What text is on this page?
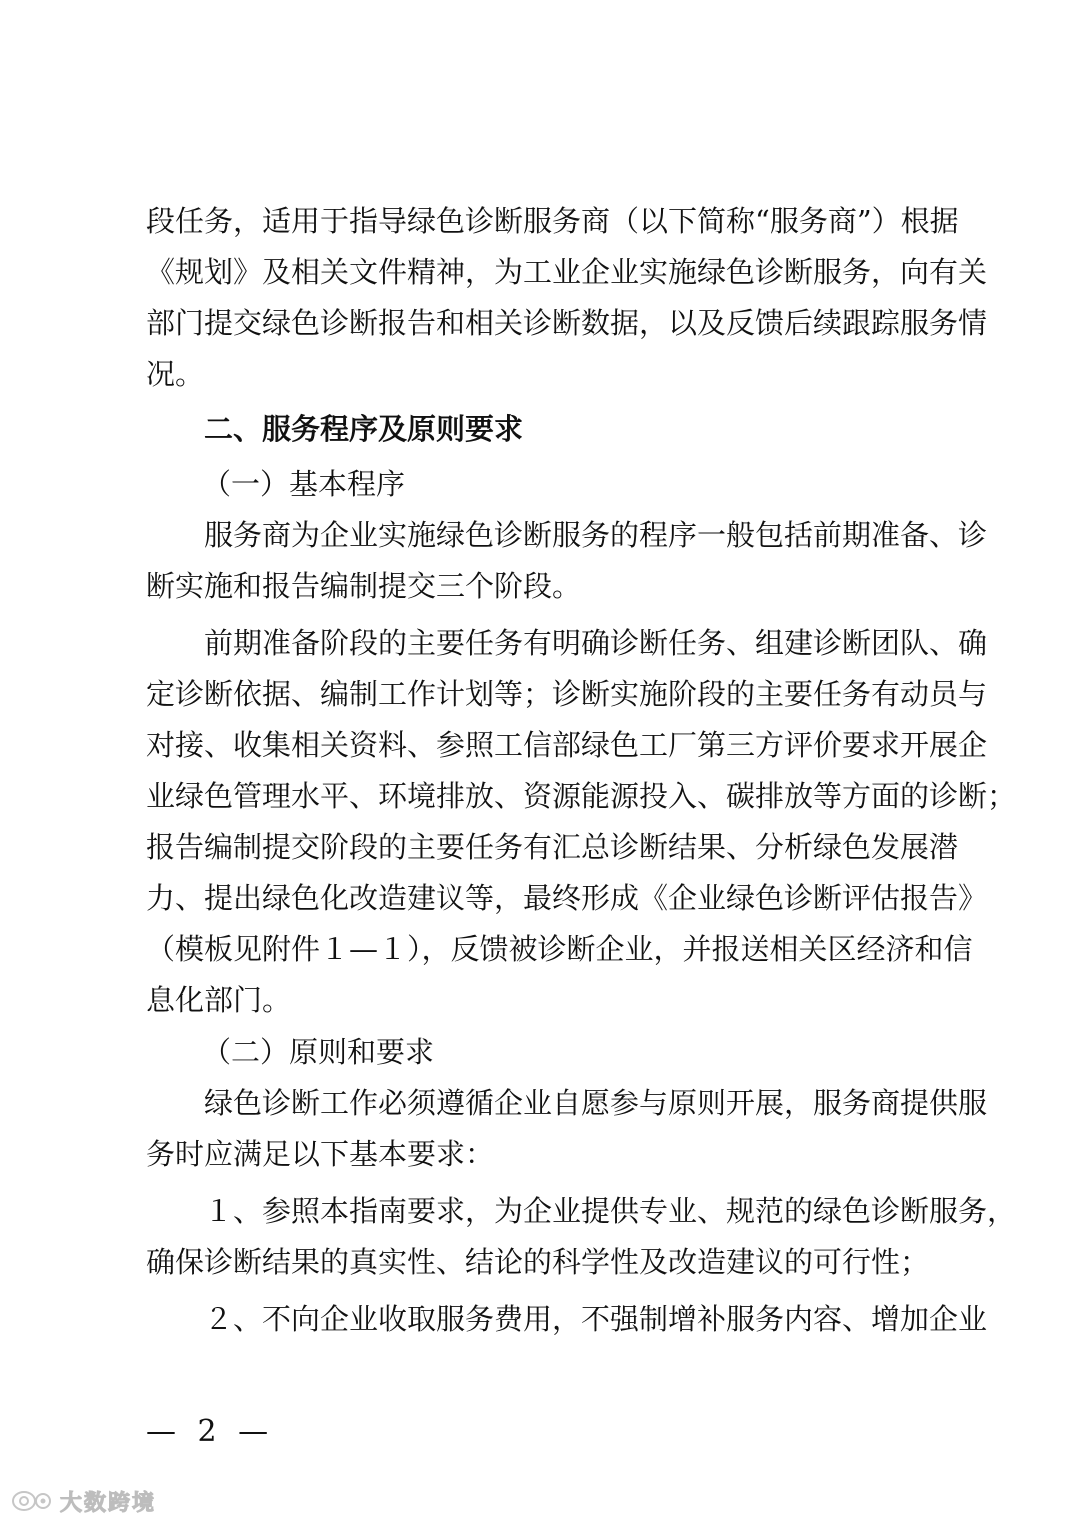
段任务，适用于指导绿色诊断服务商（以下简称“服务商”）根据
《规划》及相关文件精神，为工业企业实施绿色诊断服务，向有关
部门提交绿色诊断报告和相关诊断数据，以及反馈后续跟踪服务情
况。
二、服务程序及原则要求
（一）基本程序
服务商为企业实施绿色诊断服务的程序一般包括前期准备、诊
断实施和报告编制提交三个阶段。
前期准备阶段的主要任务有明确诊断任务、组建诊断团队、确
定诊断依据、编制工作计划等；诊断实施阶段的主要任务有动员与
对接、收集相关资料、参照工信部绿色工厂第三方评价要求开展企
业绿色管理水平、环境排放、资源能源投入、碳排放等方面的诊断；
报告编制提交阶段的主要任务有汇总诊断结果、分析绿色发展潜
力、提出绿色化改造建议等，最终形成《企业绿色诊断评估报告》
（模板见附件１—１），反馈被诊断企业，并报送相关区经济和信
息化部门。
（二）原则和要求
绿色诊断工作必须遵循企业自愿参与原则开展，服务商提供服
务时应满足以下基本要求：
１、参照本指南要求，为企业提供专业、规范的绿色诊断服务，
确保诊断结果的真实性、结论的科学性及改造建议的可行性；
２、不向企业收取服务费用，不强制增补服务内容、增加企业
— 2 —
大数跨境
